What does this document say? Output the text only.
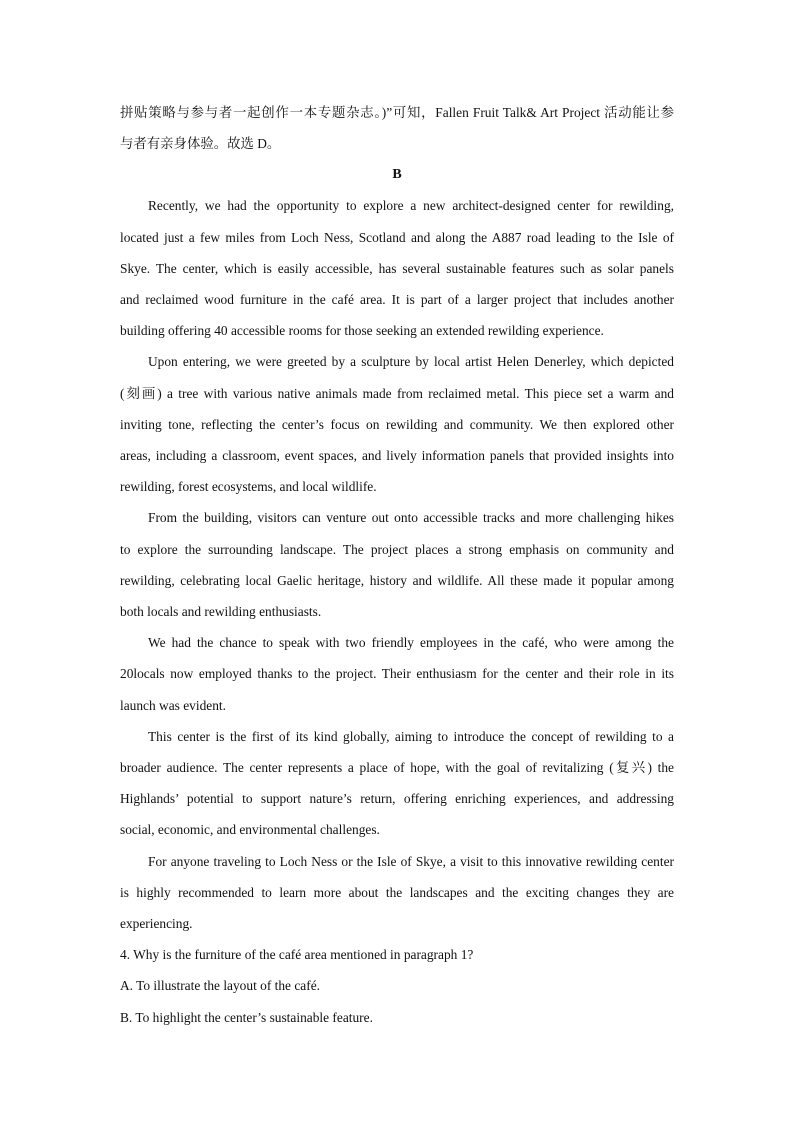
拼贴策略与参与者一起创作一本专题杂志。)”可知，Fallen Fruit Talk& Art Project 活动能让参

与者有亲身体验。故选 D。

B

Recently, we had the opportunity to explore a new architect-designed center for rewilding,

located just a few miles from Loch Ness, Scotland and along the A887 road leading to the Isle of

Skye. The center, which is easily accessible, has several sustainable features such as solar panels

and reclaimed wood furniture in the café area. It is part of a larger project that includes another

building offering 40 accessible rooms for those seeking an extended rewilding experience.

Upon entering, we were greeted by a sculpture by local artist Helen Denerley, which depicted

(刻画) a tree with various native animals made from reclaimed metal. This piece set a warm and

inviting tone, reflecting the center’s focus on rewilding and community. We then explored other

areas, including a classroom, event spaces, and lively information panels that provided insights into

rewilding, forest ecosystems, and local wildlife.

From the building, visitors can venture out onto accessible tracks and more challenging hikes

to explore the surrounding landscape. The project places a strong emphasis on community and

rewilding, celebrating local Gaelic heritage, history and wildlife. All these made it popular among

both locals and rewilding enthusiasts.

We had the chance to speak with two friendly employees in the café, who were among the

20locals now employed thanks to the project. Their enthusiasm for the center and their role in its

launch was evident.

This center is the first of its kind globally, aiming to introduce the concept of rewilding to a

broader audience. The center represents a place of hope, with the goal of revitalizing (复兴) the

Highlands’ potential to support nature’s return, offering enriching experiences, and addressing

social, economic, and environmental challenges.

For anyone traveling to Loch Ness or the Isle of Skye, a visit to this innovative rewilding center

is highly recommended to learn more about the landscapes and the exciting changes they are

experiencing.

4. Why is the furniture of the café area mentioned in paragraph 1?

A. To illustrate the layout of the café.

B. To highlight the center’s sustainable feature.
